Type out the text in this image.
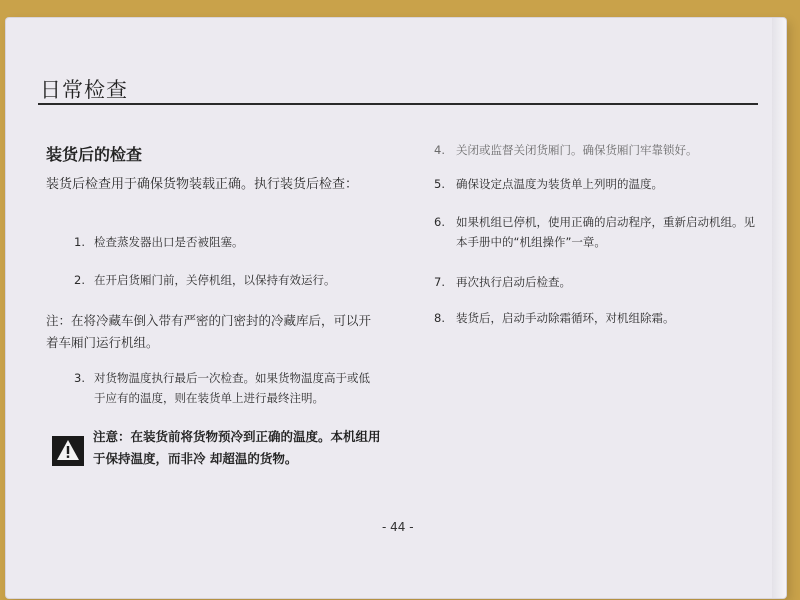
日常检查
装货后的检查
装货后检查用于确保货物装载正确。执行装货后检查：
1. 检查蒸发器出口是否被阻塞。
2. 在开启货厢门前，关停机组，以保持有效运行。
注：在将冷藏车倒入带有严密的门密封的冷藏库后，可以开着车厢门运行机组。
3. 对货物温度执行最后一次检查。如果货物温度高于或低于应有的温度，则在装货单上进行最终注明。
注意：在装货前将货物预冷到正确的温度。本机组用于保持温度，而非冷 却超温的货物。
4. 关闭或监督关闭货厢门。确保货厢门牢靠锁好。
5. 确保设定点温度为装货单上列明的温度。
6. 如果机组已停机，使用正确的启动程序，重新启动机组。见本手册中的“机组操作”一章。
7. 再次执行启动后检查。
8. 装货后，启动手动除霜循环，对机组除霜。
- 44 -
